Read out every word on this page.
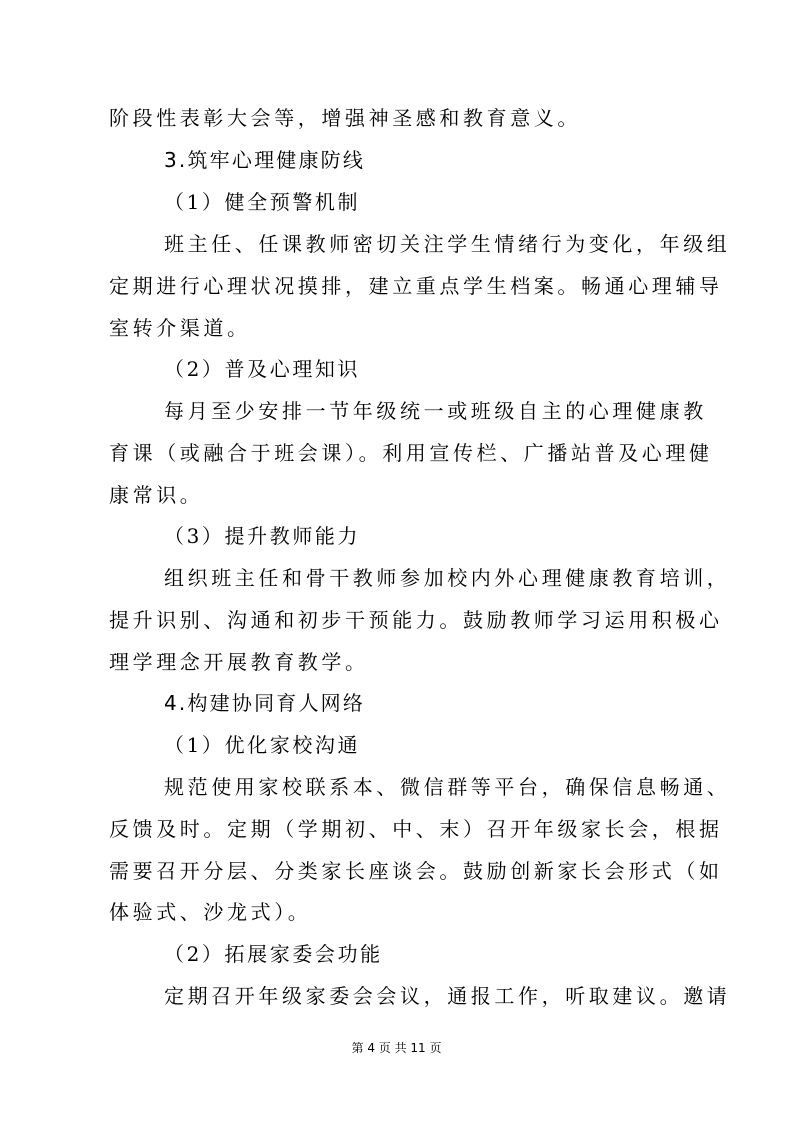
阶段性表彰大会等，增强神圣感和教育意义。
3.筑牢心理健康防线
（1）健全预警机制
班主任、任课教师密切关注学生情绪行为变化，年级组
定期进行心理状况摸排，建立重点学生档案。畅通心理辅导
室转介渠道。
（2）普及心理知识
每月至少安排一节年级统一或班级自主的心理健康教
育课（或融合于班会课）。利用宣传栏、广播站普及心理健
康常识。
（3）提升教师能力
组织班主任和骨干教师参加校内外心理健康教育培训，
提升识别、沟通和初步干预能力。鼓励教师学习运用积极心
理学理念开展教育教学。
4.构建协同育人网络
（1）优化家校沟通
规范使用家校联系本、微信群等平台，确保信息畅通、
反馈及时。定期（学期初、中、末）召开年级家长会，根据
需要召开分层、分类家长座谈会。鼓励创新家长会形式（如
体验式、沙龙式）。
（2）拓展家委会功能
定期召开年级家委会会议，通报工作，听取建议。邀请
第 4 页 共 11 页
